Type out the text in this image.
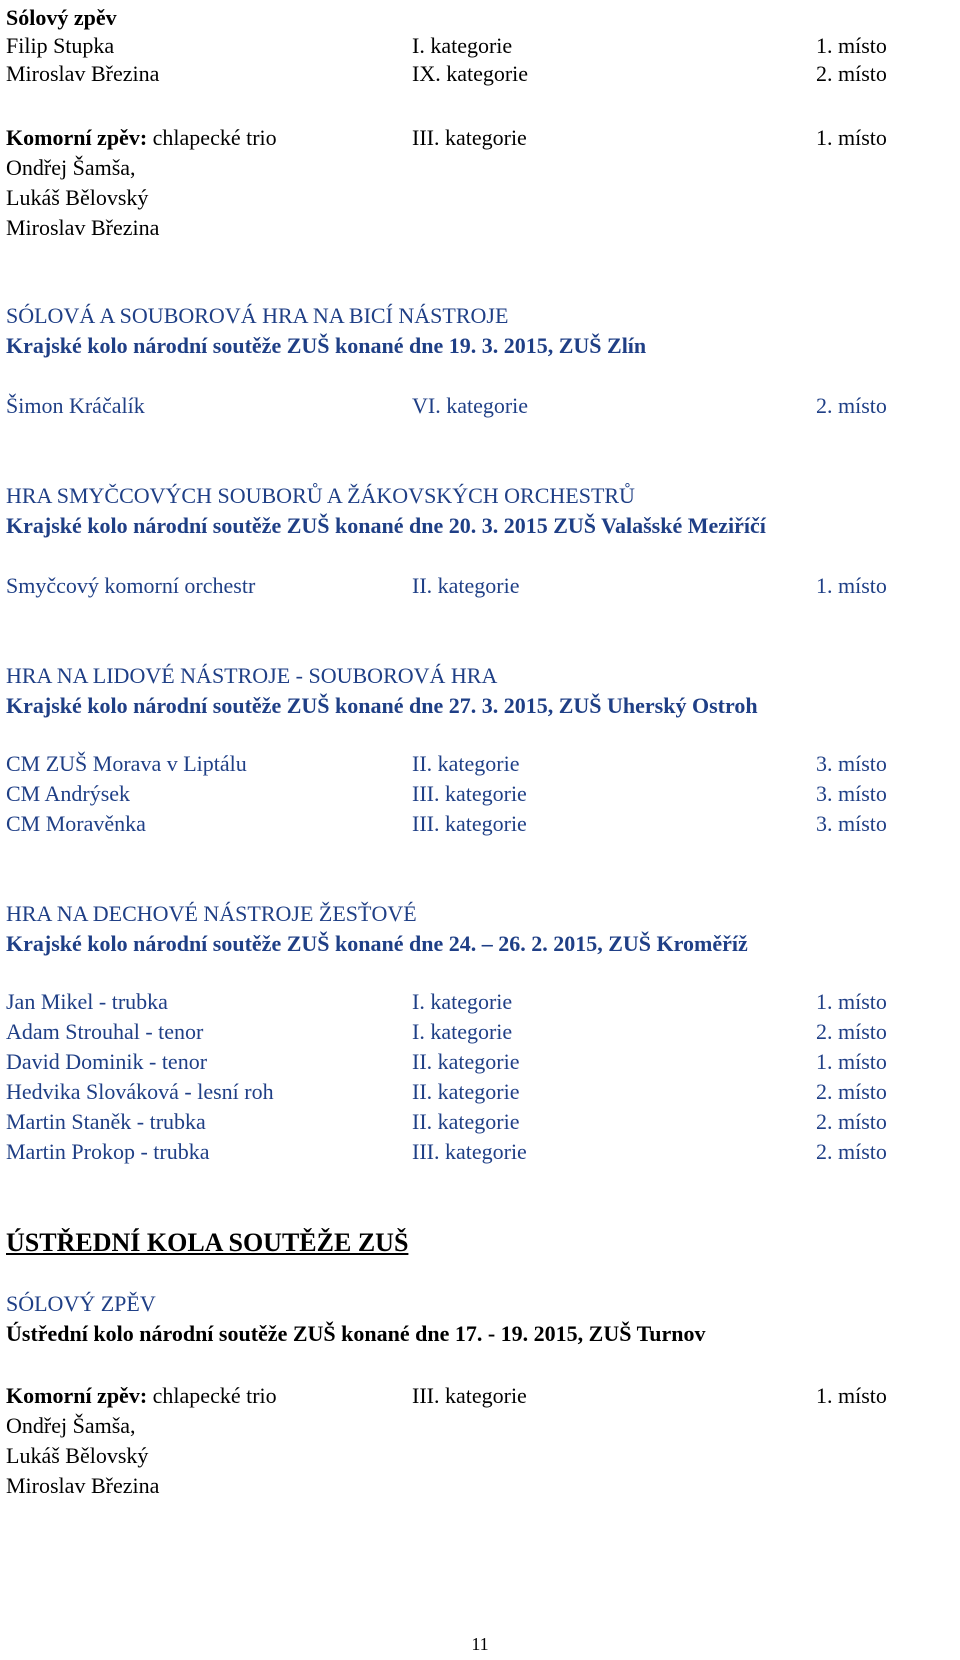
Sólový zpěv
Filip Stupka	I. kategorie	1. místo
Miroslav Březina	IX. kategorie	2. místo
Komorní zpěv: chlapecké trio	III. kategorie	1. místo
Ondřej Šamša,
Lukáš Bělovský
Miroslav Březina
SÓLOVÁ A SOUBOROVÁ HRA NA BICÍ NÁSTROJE
Krajské kolo národní soutěže ZUŠ konané dne 19. 3. 2015, ZUŠ Zlín
Šimon Kráčalík	VI. kategorie	2. místo
HRA SMYČCOVÝCH SOUBORŮ A ŽÁKOVSKÝCH ORCHESTRŮ
Krajské kolo národní soutěže ZUŠ konané dne 20. 3. 2015 ZUŠ Valašské Meziříčí
Smyčcový komorní orchestr	II. kategorie	1. místo
HRA NA LIDOVÉ NÁSTROJE - SOUBOROVÁ HRA
Krajské kolo národní soutěže ZUŠ konané dne 27. 3. 2015, ZUŠ Uherský Ostroh
CM ZUŠ Morava v Liptálu	II. kategorie	3. místo
CM Andrýsek	III. kategorie	3. místo
CM Moravěnka	III. kategorie	3. místo
HRA NA DECHOVÉ NÁSTROJE ŽESŤOVÉ
Krajské kolo národní soutěže ZUŠ konané dne 24. – 26. 2. 2015, ZUŠ Kroměříž
Jan Mikel - trubka	I. kategorie	1. místo
Adam Strouhal - tenor	I. kategorie	2. místo
David Dominik - tenor	II. kategorie	1. místo
Hedvika Slováková - lesní roh	II. kategorie	2. místo
Martin Staněk - trubka	II. kategorie	2. místo
Martin Prokop - trubka	III. kategorie	2. místo
ÚSTŘEDNÍ KOLA SOUTĚŽE ZUŠ
SÓLOVÝ ZPĚV
Ústřední kolo národní soutěže ZUŠ konané dne 17. - 19. 2015, ZUŠ Turnov
Komorní zpěv: chlapecké trio	III. kategorie	1. místo
Ondřej Šamša,
Lukáš Bělovský
Miroslav Březina
11
